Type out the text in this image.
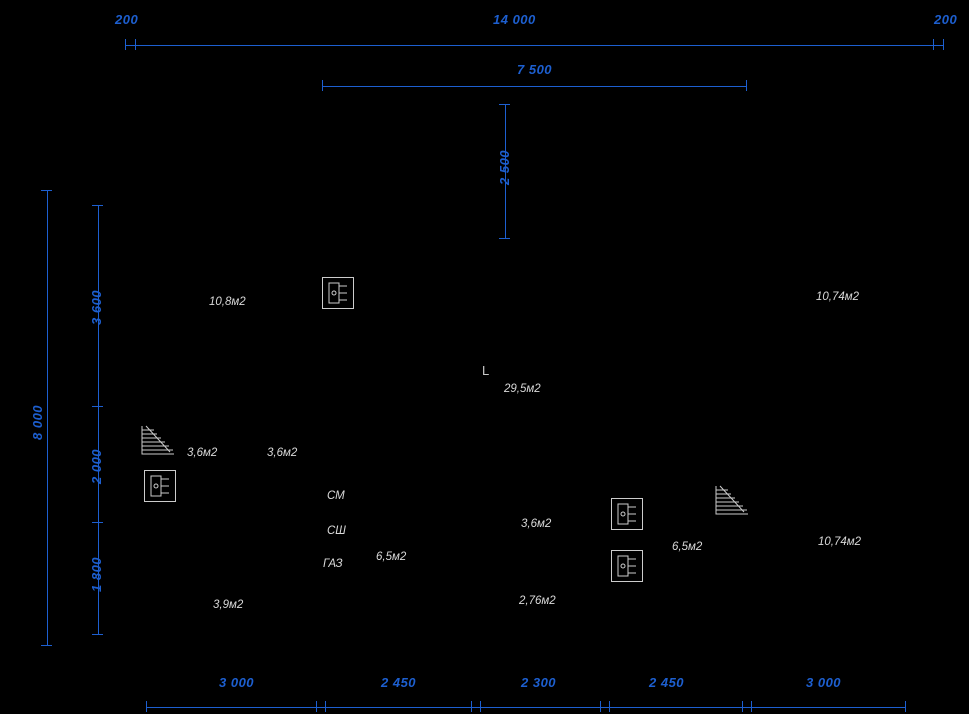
200	14 000	200
7 500
2 500
8 000
3 600
2 000
1 800
3 000	2 450	2 300	2 450	3 000
10,8м2	10,74м2
29,5м2
3,6м2	3,6м2
3,6м2
6,5м2
6,5м2	10,74м2
3,9м2	2,76м2
СМ
СШ
ГАЗ
L
